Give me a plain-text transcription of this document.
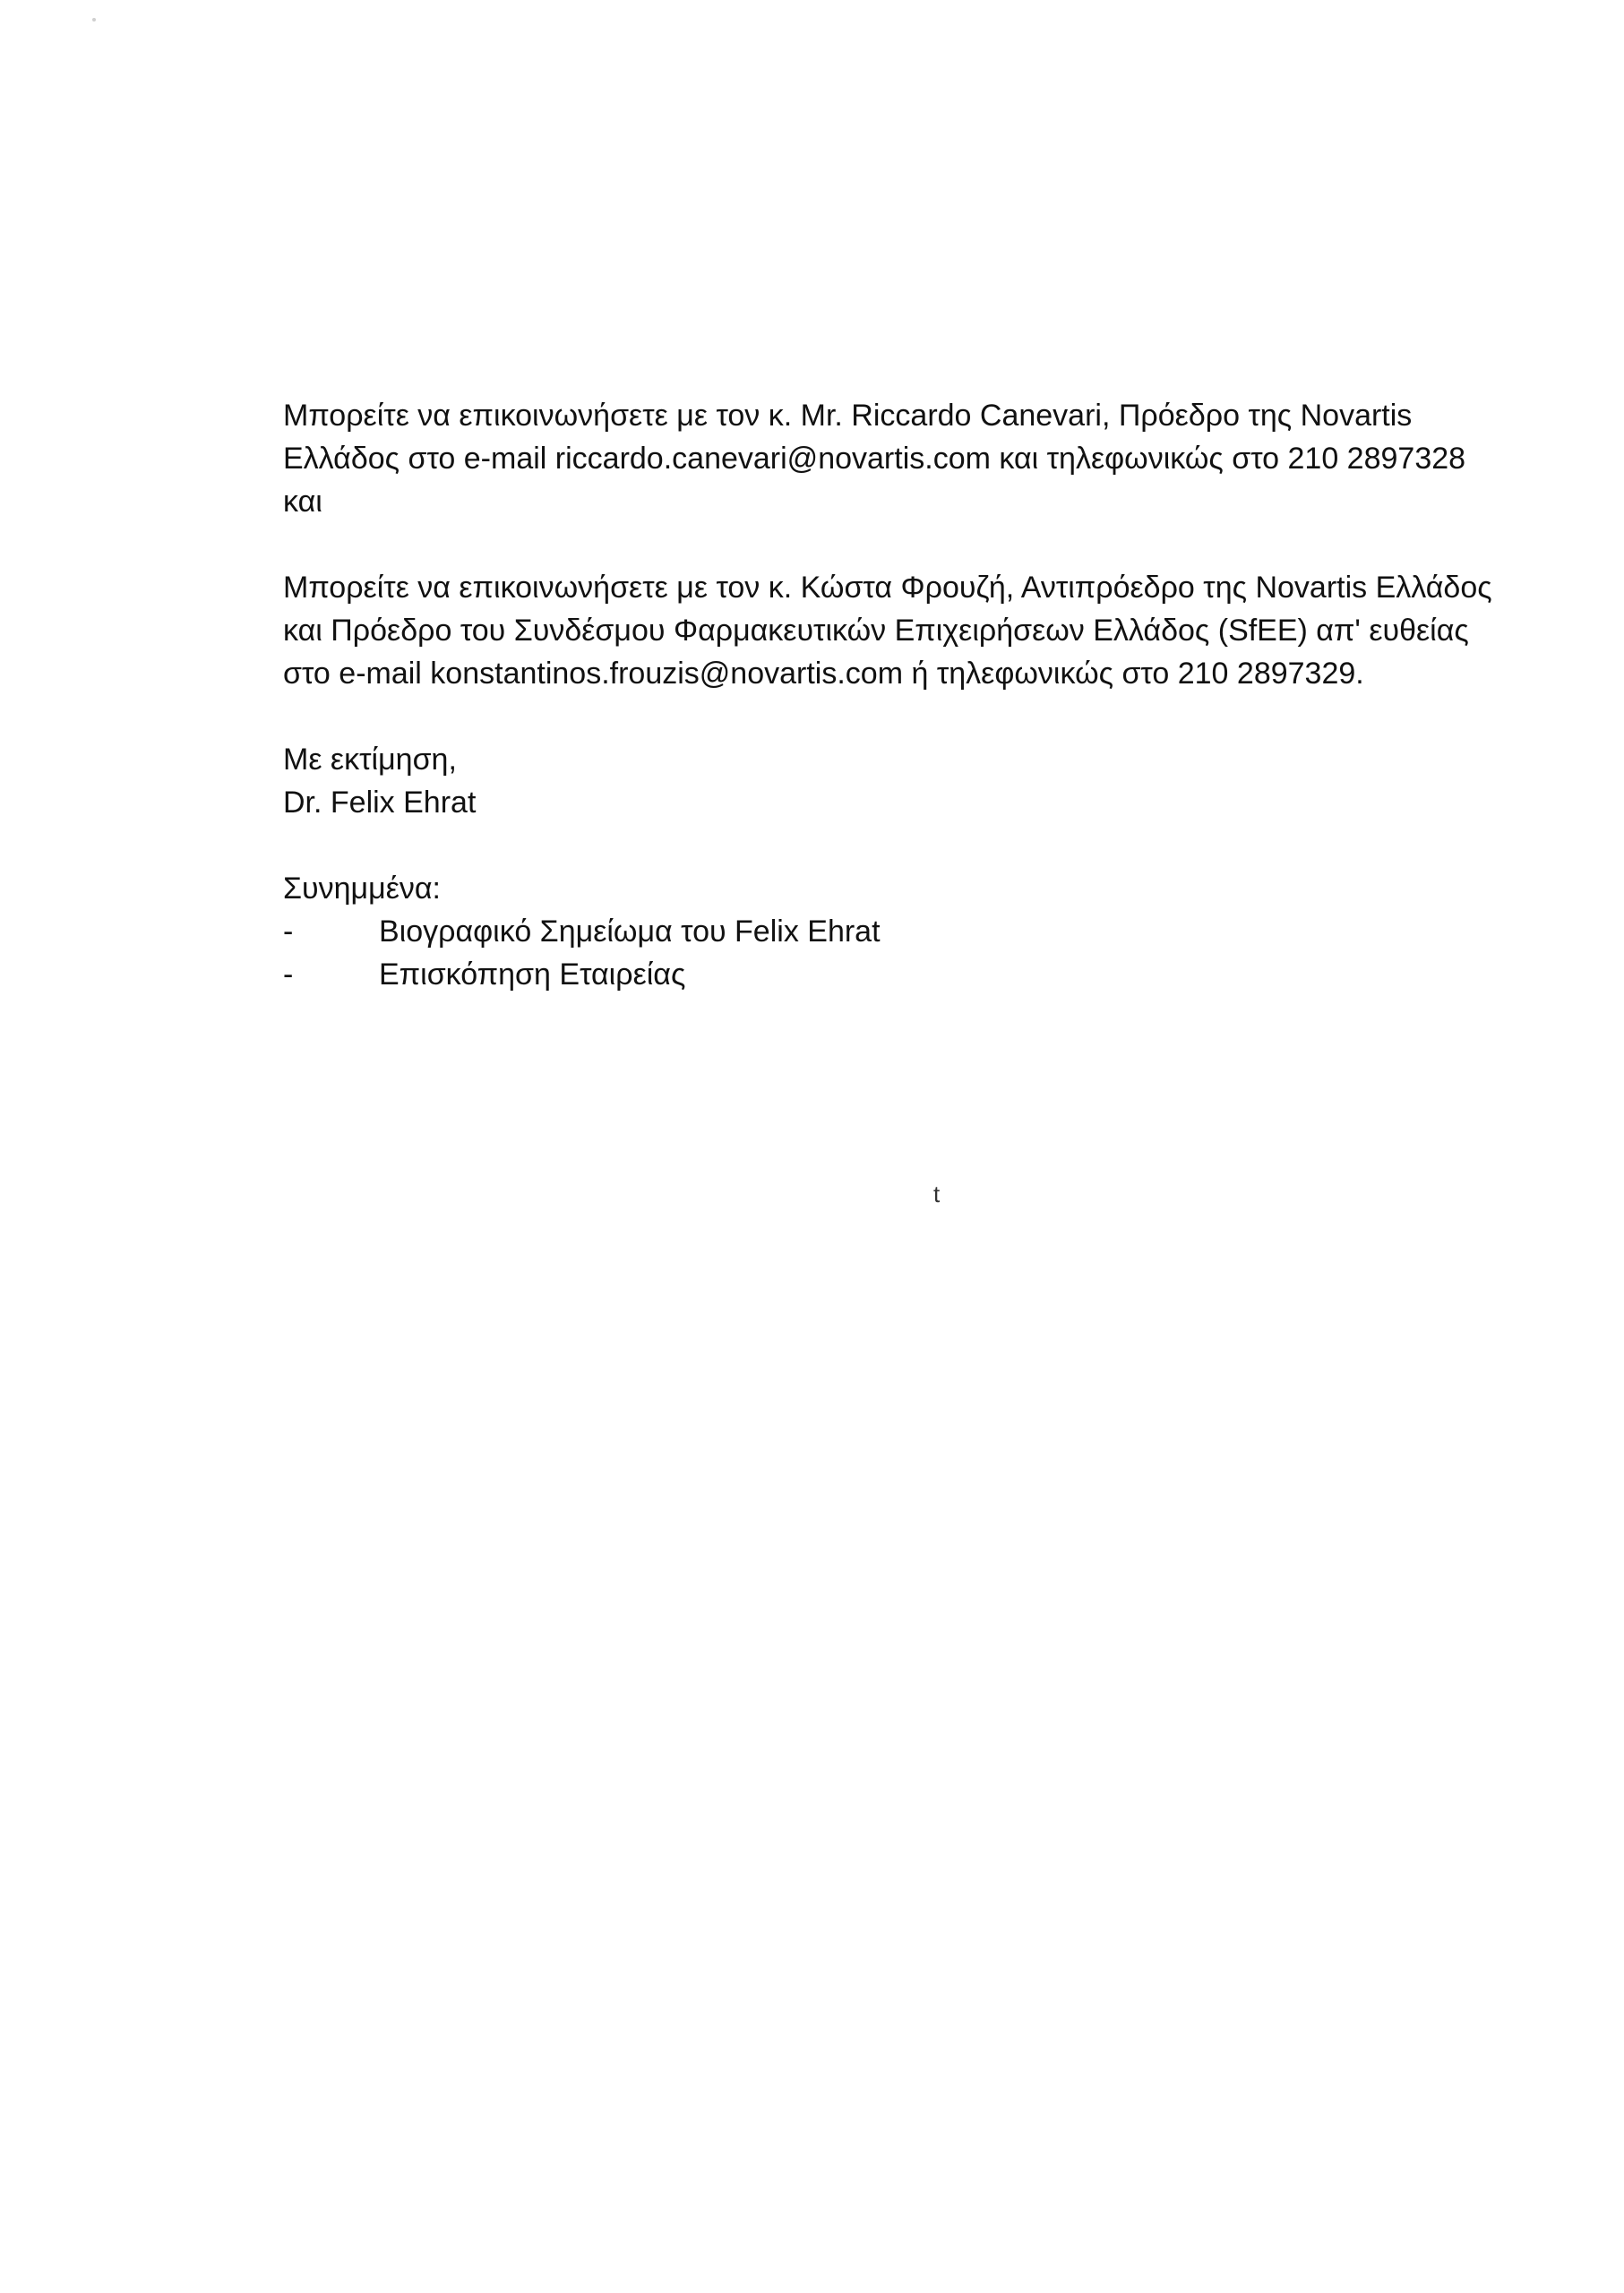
Μπορείτε να επικοινωνήσετε με τον κ. Mr. Riccardo Canevari, Πρόεδρο της Novartis

Ελλάδος στο e-mail riccardo.canevari@novartis.com και τηλεφωνικώς στο 210 2897328

και

Μπορείτε να επικοινωνήσετε με τον κ. Κώστα Φρουζή, Αντιπρόεδρο της Novartis Ελλάδος

και Πρόεδρο του Συνδέσμου Φαρμακευτικών Επιχειρήσεων Ελλάδος (SfEE) απ' ευθείας

στο e-mail konstantinos.frouzis@novartis.com ή τηλεφωνικώς στο 210 2897329.

Με εκτίμηση,

Dr. Felix Ehrat

Συνημμένα:

-	Βιογραφικό Σημείωμα του Felix Ehrat
-	Επισκόπηση Εταιρείας
t
